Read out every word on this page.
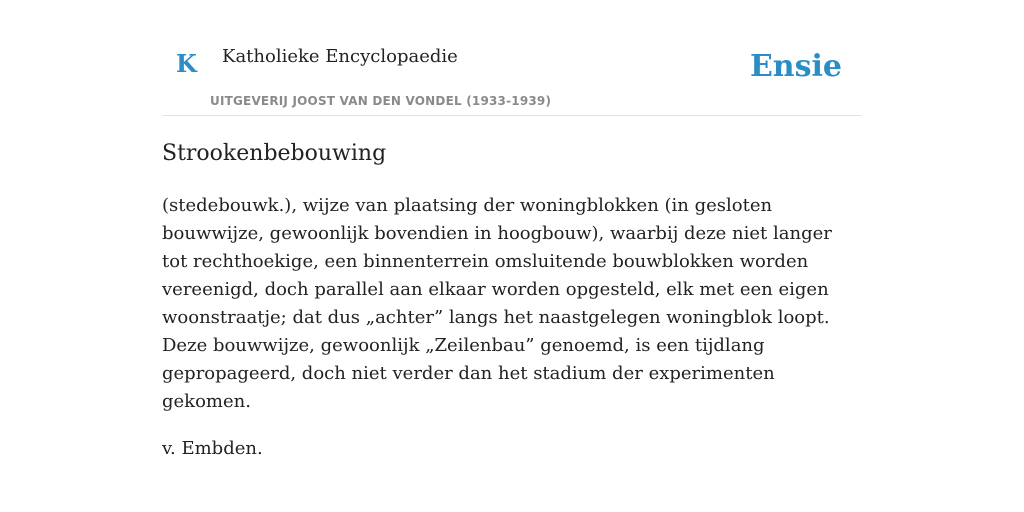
K Katholieke Encyclopaedie
UITGEVERIJ JOOST VAN DEN VONDEL (1933-1939)
Ensie
Strookenbebouwing

(stedebouwk.), wijze van plaatsing der woningblokken (in gesloten bouwwijze, gewoonlijk bovendien in hoogbouw), waarbij deze niet langer tot rechthoekige, een binnenterrein omsluitende bouwblokken worden vereenigd, doch parallel aan elkaar worden opgesteld, elk met een eigen woonstraatje; dat dus „achter” langs het naastgelegen woningblok loopt. Deze bouwwijze, gewoonlijk „Zeilenbau” genoemd, is een tijdlang gepropageerd, doch niet verder dan het stadium der experimenten gekomen.

v. Embden.
